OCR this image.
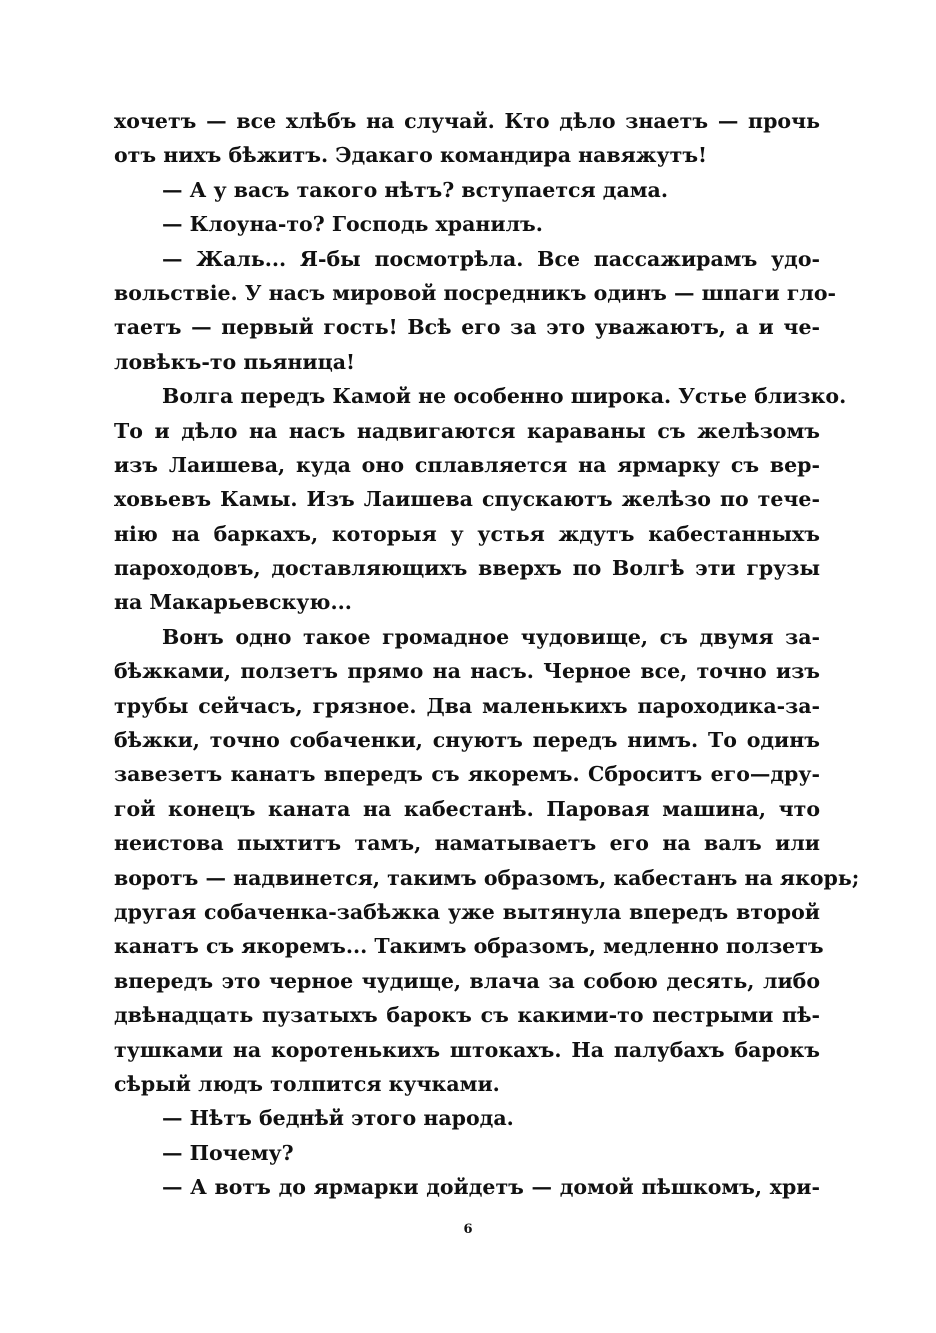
хочетъ — все хлѣбъ на случай. Кто дѣло знаетъ — прочь
отъ нихъ бѣжитъ. Эдакаго командира навяжутъ!
— А у васъ такого нѣтъ? вступается дама.
— Клоуна-то? Господь хранилъ.
— Жаль... Я-бы посмотрѣла. Все пассажирамъ удо-
вольствіе. У насъ мировой посредникъ одинъ — шпаги гло-
таетъ — первый гость! Всѣ его за это уважаютъ, а и че-
ловѣкъ-то пьяница!
Волга передъ Камой не особенно широка. Устье близко.
То и дѣло на насъ надвигаются караваны съ желѣзомъ
изъ Лаишева, куда оно сплавляется на ярмарку съ вер-
ховьевъ Камы. Изъ Лаишева спускаютъ желѣзо по тече-
нію на баркахъ, которыя у устья ждутъ кабестанныхъ
пароходовъ, доставляющихъ вверхъ по Волгѣ эти грузы
на Макарьевскую...
Вонъ одно такое громадное чудовище, съ двумя за-
бѣжками, ползетъ прямо на насъ. Черное все, точно изъ
трубы сейчасъ, грязное. Два маленькихъ пароходика-за-
бѣжки, точно собаченки, снуютъ передъ нимъ. То одинъ
завезетъ канатъ впередъ съ якоремъ. Сброситъ его—дру-
гой конецъ каната на кабестанѣ. Паровая машина, что
неистова пыхтитъ тамъ, наматываетъ его на валъ или
воротъ — надвинется, такимъ образомъ, кабестанъ на якорь;
другая собаченка-забѣжка уже вытянула впередъ второй
канатъ съ якоремъ... Такимъ образомъ, медленно ползетъ
впередъ это черное чудище, влача за собою десять, либо
двѣнадцать пузатыхъ барокъ съ какими-то пестрыми пѣ-
тушками на коротенькихъ штокахъ. На палубахъ барокъ
сѣрый людъ толпится кучками.
— Нѣтъ беднѣй этого народа.
— Почему?
— А вотъ до ярмарки дойдетъ — домой пѣшкомъ, хри-
6
